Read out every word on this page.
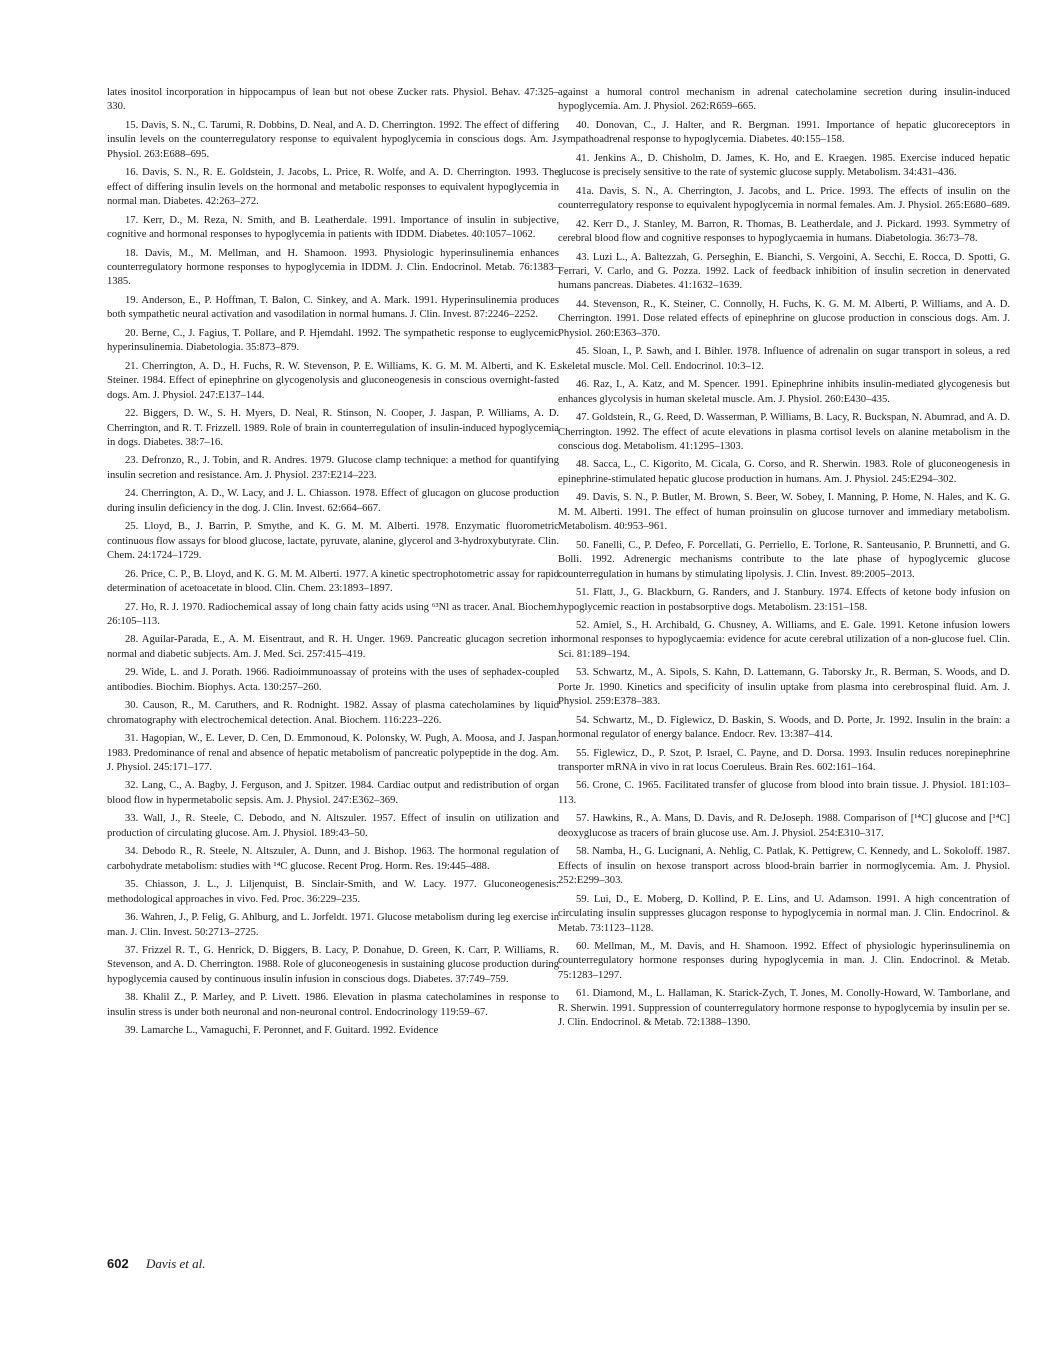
lates inositol incorporation in hippocampus of lean but not obese Zucker rats. Physiol. Behav. 47:325–330.

15. Davis, S. N., C. Tarumi, R. Dobbins, D. Neal, and A. D. Cherrington. 1992. The effect of differing insulin levels on the counterregulatory response to equivalent hypoglycemia in conscious dogs. Am. J. Physiol. 263:E688–695.

16. Davis, S. N., R. E. Goldstein, J. Jacobs, L. Price, R. Wolfe, and A. D. Cherrington. 1993. The effect of differing insulin levels on the hormonal and metabolic responses to equivalent hypoglycemia in normal man. Diabetes. 42:263–272.

17. Kerr, D., M. Reza, N. Smith, and B. Leatherdale. 1991. Importance of insulin in subjective, cognitive and hormonal responses to hypoglycemia in patients with IDDM. Diabetes. 40:1057–1062.

18. Davis, M., M. Mellman, and H. Shamoon. 1993. Physiologic hyperinsulinemia enhances counterregulatory hormone responses to hypoglycemia in IDDM. J. Clin. Endocrinol. Metab. 76:1383–1385.

19. Anderson, E., P. Hoffman, T. Balon, C. Sinkey, and A. Mark. 1991. Hyperinsulinemia produces both sympathetic neural activation and vasodilation in normal humans. J. Clin. Invest. 87:2246–2252.

20. Berne, C., J. Fagius, T. Pollare, and P. Hjemdahl. 1992. The sympathetic response to euglycemic hyperinsulinemia. Diabetologia. 35:873–879.

21. Cherrington, A. D., H. Fuchs, R. W. Stevenson, P. E. Williams, K. G. M. M. Alberti, and K. E. Steiner. 1984. Effect of epinephrine on glycogenolysis and gluconeogenesis in conscious overnight-fasted dogs. Am. J. Physiol. 247:E137–144.

22. Biggers, D. W., S. H. Myers, D. Neal, R. Stinson, N. Cooper, J. Jaspan, P. Williams, A. D. Cherrington, and R. T. Frizzell. 1989. Role of brain in counterregulation of insulin-induced hypoglycemia in dogs. Diabetes. 38:7–16.

23. Defronzo, R., J. Tobin, and R. Andres. 1979. Glucose clamp technique: a method for quantifying insulin secretion and resistance. Am. J. Physiol. 237:E214–223.

24. Cherrington, A. D., W. Lacy, and J. L. Chiasson. 1978. Effect of glucagon on glucose production during insulin deficiency in the dog. J. Clin. Invest. 62:664–667.

25. Lloyd, B., J. Barrin, P. Smythe, and K. G. M. M. Alberti. 1978. Enzymatic fluorometric continuous flow assays for blood glucose, lactate, pyruvate, alanine, glycerol and 3-hydroxybutyrate. Clin. Chem. 24:1724–1729.

26. Price, C. P., B. Lloyd, and K. G. M. M. Alberti. 1977. A kinetic spectrophotometric assay for rapid determination of acetoacetate in blood. Clin. Chem. 23:1893–1897.

27. Ho, R. J. 1970. Radiochemical assay of long chain fatty acids using ⁶³Nl as tracer. Anal. Biochem. 26:105–113.

28. Aguilar-Parada, E., A. M. Eisentraut, and R. H. Unger. 1969. Pancreatic glucagon secretion in normal and diabetic subjects. Am. J. Med. Sci. 257:415–419.

29. Wide, L. and J. Porath. 1966. Radioimmunoassay of proteins with the uses of sephadex-coupled antibodies. Biochim. Biophys. Acta. 130:257–260.

30. Causon, R., M. Caruthers, and R. Rodnight. 1982. Assay of plasma catecholamines by liquid chromatography with electrochemical detection. Anal. Biochem. 116:223–226.

31. Hagopian, W., E. Lever, D. Cen, D. Emmonoud, K. Polonsky, W. Pugh, A. Moosa, and J. Jaspan. 1983. Predominance of renal and absence of hepatic metabolism of pancreatic polypeptide in the dog. Am. J. Physiol. 245:171–177.

32. Lang, C., A. Bagby, J. Ferguson, and J. Spitzer. 1984. Cardiac output and redistribution of organ blood flow in hypermetabolic sepsis. Am. J. Physiol. 247:E362–369.

33. Wall, J., R. Steele, C. Debodo, and N. Altszuler. 1957. Effect of insulin on utilization and production of circulating glucose. Am. J. Physiol. 189:43–50.

34. Debodo R., R. Steele, N. Altszuler, A. Dunn, and J. Bishop. 1963. The hormonal regulation of carbohydrate metabolism: studies with ¹⁴C glucose. Recent Prog. Horm. Res. 19:445–488.

35. Chiasson, J. L., J. Liljenquist, B. Sinclair-Smith, and W. Lacy. 1977. Gluconeogenesis: methodological approaches in vivo. Fed. Proc. 36:229–235.

36. Wahren, J., P. Felig, G. Ahlburg, and L. Jorfeldt. 1971. Glucose metabolism during leg exercise in man. J. Clin. Invest. 50:2713–2725.

37. Frizzel R. T., G. Henrick, D. Biggers, B. Lacy, P. Donahue, D. Green, K. Carr, P. Williams, R. Stevenson, and A. D. Cherrington. 1988. Role of gluconeogenesis in sustaining glucose production during hypoglycemia caused by continuous insulin infusion in conscious dogs. Diabetes. 37:749–759.

38. Khalil Z., P. Marley, and P. Livett. 1986. Elevation in plasma catecholamines in response to insulin stress is under both neuronal and non-neuronal control. Endocrinology 119:59–67.

39. Lamarche L., Vamaguchi, F. Peronnet, and F. Guitard. 1992. Evidence

against a humoral control mechanism in adrenal catecholamine secretion during insulin-induced hypoglycemia. Am. J. Physiol. 262:R659–665.

40. Donovan, C., J. Halter, and R. Bergman. 1991. Importance of hepatic glucoreceptors in sympathoadrenal response to hypoglycemia. Diabetes. 40:155–158.

41. Jenkins A., D. Chisholm, D. James, K. Ho, and E. Kraegen. 1985. Exercise induced hepatic glucose is precisely sensitive to the rate of systemic glucose supply. Metabolism. 34:431–436.

41a. Davis, S. N., A. Cherrington, J. Jacobs, and L. Price. 1993. The effects of insulin on the counterregulatory response to equivalent hypoglycemia in normal females. Am. J. Physiol. 265:E680–689.

42. Kerr D., J. Stanley, M. Barron, R. Thomas, B. Leatherdale, and J. Pickard. 1993. Symmetry of cerebral blood flow and cognitive responses to hypoglycaemia in humans. Diabetologia. 36:73–78.

43. Luzi L., A. Baltezzah, G. Perseghin, E. Bianchi, S. Vergoini, A. Secchi, E. Rocca, D. Spotti, G. Ferrari, V. Carlo, and G. Pozza. 1992. Lack of feedback inhibition of insulin secretion in denervated humans pancreas. Diabetes. 41:1632–1639.

44. Stevenson, R., K. Steiner, C. Connolly, H. Fuchs, K. G. M. M. Alberti, P. Williams, and A. D. Cherrington. 1991. Dose related effects of epinephrine on glucose production in conscious dogs. Am. J. Physiol. 260:E363–370.

45. Sloan, I., P. Sawh, and I. Bihler. 1978. Influence of adrenalin on sugar transport in soleus, a red skeletal muscle. Mol. Cell. Endocrinol. 10:3–12.

46. Raz, I., A. Katz, and M. Spencer. 1991. Epinephrine inhibits insulin-mediated glycogenesis but enhances glycolysis in human skeletal muscle. Am. J. Physiol. 260:E430–435.

47. Goldstein, R., G. Reed, D. Wasserman, P. Williams, B. Lacy, R. Buckspan, N. Abumrad, and A. D. Cherrington. 1992. The effect of acute elevations in plasma cortisol levels on alanine metabolism in the conscious dog. Metabolism. 41:1295–1303.

48. Sacca, L., C. Kigorito, M. Cicala, G. Corso, and R. Sherwin. 1983. Role of gluconeogenesis in epinephrine-stimulated hepatic glucose production in humans. Am. J. Physiol. 245:E294–302.

49. Davis, S. N., P. Butler, M. Brown, S. Beer, W. Sobey, I. Manning, P. Home, N. Hales, and K. G. M. M. Alberti. 1991. The effect of human proinsulin on glucose turnover and immediary metabolism. Metabolism. 40:953–961.

50. Fanelli, C., P. Defeo, F. Porcellati, G. Perriello, E. Torlone, R. Santeusanio, P. Brunnetti, and G. Bolli. 1992. Adrenergic mechanisms contribute to the late phase of hypoglycemic glucose counterregulation in humans by stimulating lipolysis. J. Clin. Invest. 89:2005–2013.

51. Flatt, J., G. Blackburn, G. Randers, and J. Stanbury. 1974. Effects of ketone body infusion on hypoglycemic reaction in postabsorptive dogs. Metabolism. 23:151–158.

52. Amiel, S., H. Archibald, G. Chusney, A. Williams, and E. Gale. 1991. Ketone infusion lowers hormonal responses to hypoglycaemia: evidence for acute cerebral utilization of a non-glucose fuel. Clin. Sci. 81:189–194.

53. Schwartz, M., A. Sipols, S. Kahn, D. Lattemann, G. Taborsky Jr., R. Berman, S. Woods, and D. Porte Jr. 1990. Kinetics and specificity of insulin uptake from plasma into cerebrospinal fluid. Am. J. Physiol. 259:E378–383.

54. Schwartz, M., D. Figlewicz, D. Baskin, S. Woods, and D. Porte, Jr. 1992. Insulin in the brain: a hormonal regulator of energy balance. Endocr. Rev. 13:387–414.

55. Figlewicz, D., P. Szot, P. Israel, C. Payne, and D. Dorsa. 1993. Insulin reduces norepinephrine transporter mRNA in vivo in rat locus Coeruleus. Brain Res. 602:161–164.

56. Crone, C. 1965. Facilitated transfer of glucose from blood into brain tissue. J. Physiol. 181:103–113.

57. Hawkins, R., A. Mans, D. Davis, and R. DeJoseph. 1988. Comparison of [¹⁴C] glucose and [¹⁴C] deoxyglucose as tracers of brain glucose use. Am. J. Physiol. 254:E310–317.

58. Namba, H., G. Lucignani, A. Nehlig, C. Patlak, K. Pettigrew, C. Kennedy, and L. Sokoloff. 1987. Effects of insulin on hexose transport across blood-brain barrier in normoglycemia. Am. J. Physiol. 252:E299–303.

59. Lui, D., E. Moberg, D. Kollind, P. E. Lins, and U. Adamson. 1991. A high concentration of circulating insulin suppresses glucagon response to hypoglycemia in normal man. J. Clin. Endocrinol. & Metab. 73:1123–1128.

60. Mellman, M., M. Davis, and H. Shamoon. 1992. Effect of physiologic hyperinsulinemia on counterregulatory hormone responses during hypoglycemia in man. J. Clin. Endocrinol. & Metab. 75:1283–1297.

61. Diamond, M., L. Hallaman, K. Starick-Zych, T. Jones, M. Conolly-Howard, W. Tamborlane, and R. Sherwin. 1991. Suppression of counterregulatory hormone response to hypoglycemia by insulin per se. J. Clin. Endocrinol. & Metab. 72:1388–1390.

602 Davis et al.
